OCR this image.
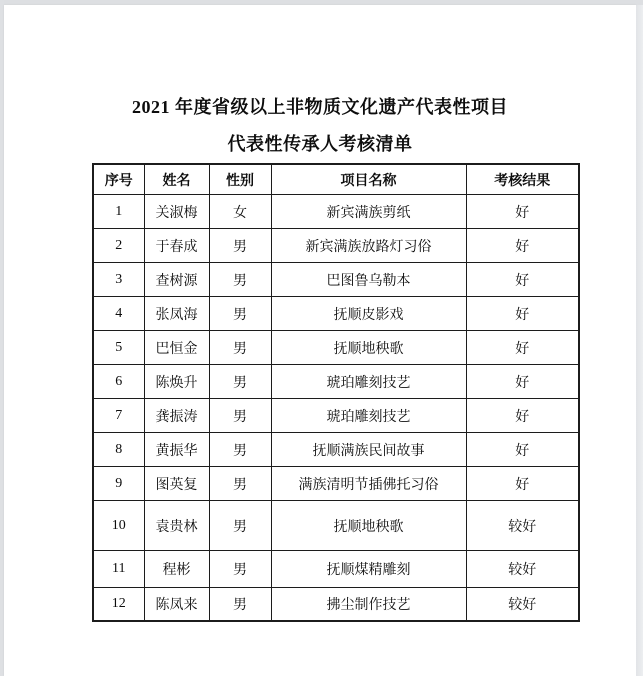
2021 年度省级以上非物质文化遗产代表性项目
代表性传承人考核清单
序号	姓名	性别	项目名称	考核结果
1	关淑梅	女	新宾满族剪纸	好
2	于春成	男	新宾满族放路灯习俗	好
3	查树源	男	巴图鲁乌勒本	好
4	张凤海	男	抚顺皮影戏	好
5	巴恒金	男	抚顺地秧歌	好
6	陈焕升	男	琥珀雕刻技艺	好
7	龚振涛	男	琥珀雕刻技艺	好
8	黄振华	男	抚顺满族民间故事	好
9	图英复	男	满族清明节插佛托习俗	好
10	袁贵林	男	抚顺地秧歌	较好
11	程彬	男	抚顺煤精雕刻	较好
12	陈凤来	男	拂尘制作技艺	较好
